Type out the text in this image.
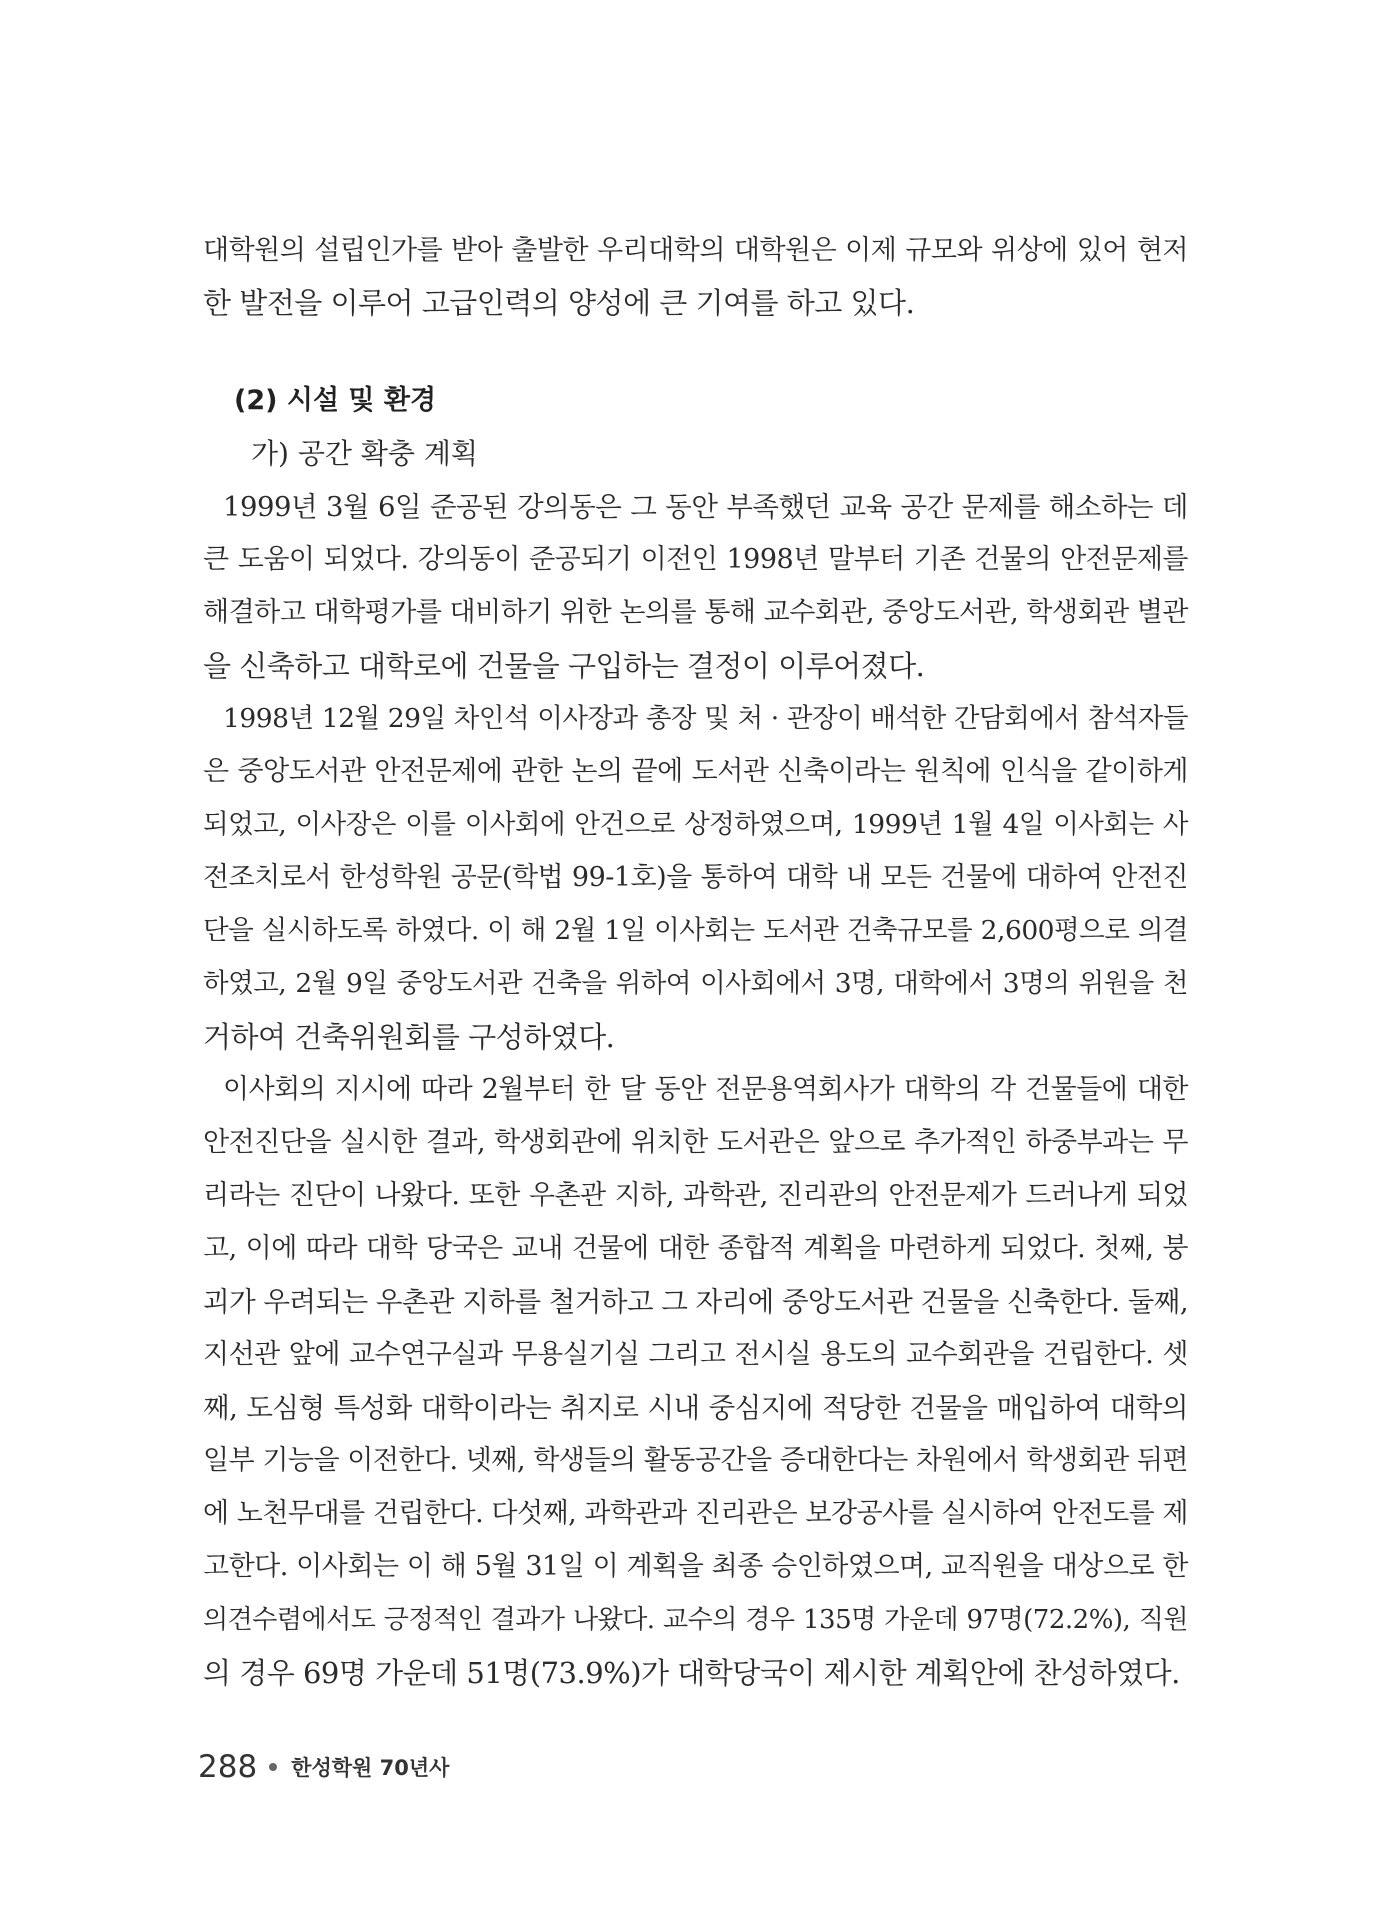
대학원의 설립인가를 받아 출발한 우리대학의 대학원은 이제 규모와 위상에 있어 현저
한 발전을 이루어 고급인력의 양성에 큰 기여를 하고 있다.
(2) 시설 및 환경
가) 공간 확충 계획
1999년 3월 6일 준공된 강의동은 그 동안 부족했던 교육 공간 문제를 해소하는 데
큰 도움이 되었다. 강의동이 준공되기 이전인 1998년 말부터 기존 건물의 안전문제를
해결하고 대학평가를 대비하기 위한 논의를 통해 교수회관, 중앙도서관, 학생회관 별관
을 신축하고 대학로에 건물을 구입하는 결정이 이루어졌다.
1998년 12월 29일 차인석 이사장과 총장 및 처 · 관장이 배석한 간담회에서 참석자들
은 중앙도서관 안전문제에 관한 논의 끝에 도서관 신축이라는 원칙에 인식을 같이하게
되었고, 이사장은 이를 이사회에 안건으로 상정하였으며, 1999년 1월 4일 이사회는 사
전조치로서 한성학원 공문(학법 99-1호)을 통하여 대학 내 모든 건물에 대하여 안전진
단을 실시하도록 하였다. 이 해 2월 1일 이사회는 도서관 건축규모를 2,600평으로 의결
하였고, 2월 9일 중앙도서관 건축을 위하여 이사회에서 3명, 대학에서 3명의 위원을 천
거하여 건축위원회를 구성하였다.
이사회의 지시에 따라 2월부터 한 달 동안 전문용역회사가 대학의 각 건물들에 대한
안전진단을 실시한 결과, 학생회관에 위치한 도서관은 앞으로 추가적인 하중부과는 무
리라는 진단이 나왔다. 또한 우촌관 지하, 과학관, 진리관의 안전문제가 드러나게 되었
고, 이에 따라 대학 당국은 교내 건물에 대한 종합적 계획을 마련하게 되었다. 첫째, 붕
괴가 우려되는 우촌관 지하를 철거하고 그 자리에 중앙도서관 건물을 신축한다. 둘째,
지선관 앞에 교수연구실과 무용실기실 그리고 전시실 용도의 교수회관을 건립한다. 셋
째, 도심형 특성화 대학이라는 취지로 시내 중심지에 적당한 건물을 매입하여 대학의
일부 기능을 이전한다. 넷째, 학생들의 활동공간을 증대한다는 차원에서 학생회관 뒤편
에 노천무대를 건립한다. 다섯째, 과학관과 진리관은 보강공사를 실시하여 안전도를 제
고한다. 이사회는 이 해 5월 31일 이 계획을 최종 승인하였으며, 교직원을 대상으로 한
의견수렴에서도 긍정적인 결과가 나왔다. 교수의 경우 135명 가운데 97명(72.2%), 직원
의 경우 69명 가운데 51명(73.9%)가 대학당국이 제시한 계획안에 찬성하였다.
288 한성학원 70년사
